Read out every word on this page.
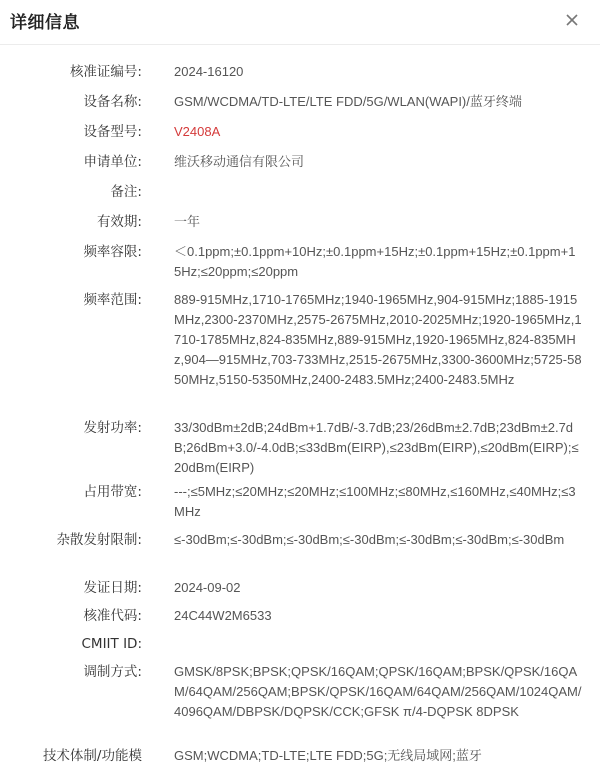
详细信息
核准证编号: 2024-16120
设备名称: GSM/WCDMA/TD-LTE/LTE FDD/5G/WLAN(WAPI)/蓝牙终端
设备型号: V2408A
申请单位: 维沃移动通信有限公司
备注:
有效期: 一年
频率容限: ＜0.1ppm;±0.1ppm+10Hz;±0.1ppm+15Hz;±0.1ppm+15Hz;±0.1ppm+15Hz;≤20ppm;≤20ppm
频率范围: 889-915MHz,1710-1765MHz;1940-1965MHz,904-915MHz;1885-1915MHz,2300-2370MHz,2575-2675MHz,2010-2025MHz;1920-1965MHz,1710-1785MHz,824-835MHz,889-915MHz,1920-1965MHz,824-835MHz,904—915MHz,703-733MHz,2515-2675MHz,3300-3600MHz;5725-5850MHz,5150-5350MHz,2400-2483.5MHz;2400-2483.5MHz
发射功率: 33/30dBm±2dB;24dBm+1.7dB/-3.7dB;23/26dBm±2.7dB;23dBm±2.7dB;26dBm+3.0/-4.0dB;≤33dBm(EIRP),≤23dBm(EIRP),≤20dBm(EIRP);≤20dBm(EIRP)
占用带宽: ---;≤5MHz;≤20MHz;≤20MHz;≤100MHz;≤80MHz,≤160MHz,≤40MHz;≤3MHz
杂散发射限制: ≤-30dBm;≤-30dBm;≤-30dBm;≤-30dBm;≤-30dBm;≤-30dBm;≤-30dBm
发证日期: 2024-09-02
核准代码: 24C44W2M6533
CMIIT ID:
调制方式: GMSK/8PSK;BPSK;QPSK/16QAM;QPSK/16QAM;BPSK/QPSK/16QAM/64QAM/256QAM;BPSK/QPSK/16QAM/64QAM/256QAM/1024QAM/4096QAM/DBPSK/DQPSK/CCK;GFSK π/4-DQPSK 8DPSK
技术体制/功能模 GSM;WCDMA;TD-LTE;LTE FDD;5G;无线局域网;蓝牙
